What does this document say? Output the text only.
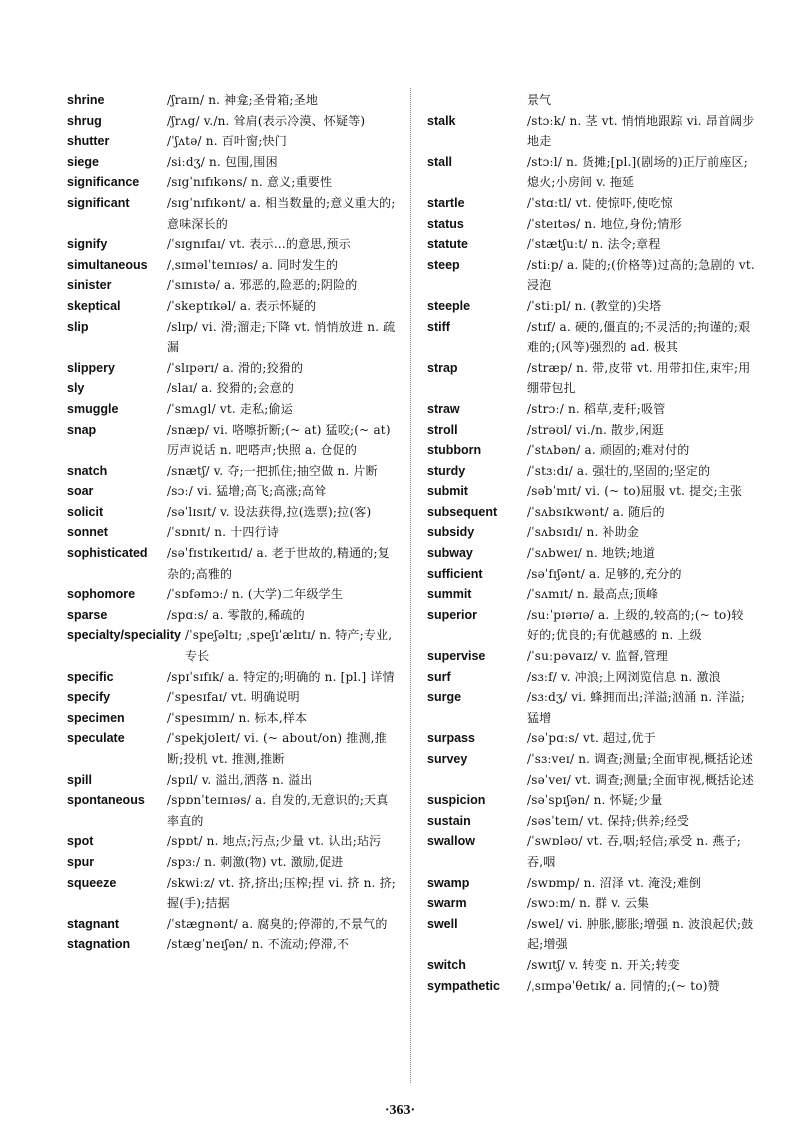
shrine	/ʃraɪn/ n. 神龛;圣骨箱;圣地
shrug	/ʃrʌg/ v./n. 耸肩(表示冷漠、怀疑等)
shutter	/ˈʃʌtə/ n. 百叶窗;快门
siege	/siːdʒ/ n. 包围,围困
significance	/sɪgˈnɪfɪkəns/ n. 意义;重要性
significant	/sɪgˈnɪfɪkənt/ a. 相当数量的;意义重大的;意味深长的
signify	/ˈsɪgnɪfaɪ/ vt. 表示…的意思,预示
simultaneous	/ˌsɪməlˈteɪnɪəs/ a. 同时发生的
sinister	/ˈsɪnɪstə/ a. 邪恶的,险恶的;阴险的
skeptical	/ˈskeptɪkəl/ a. 表示怀疑的
slip	/slɪp/ vi. 滑;溜走;下降 vt. 悄悄放进 n. 疏漏
slippery	/ˈslɪpərɪ/ a. 滑的;狡猾的
sly	/slaɪ/ a. 狡猾的;会意的
smuggle	/ˈsmʌgl/ vt. 走私;偷运
snap	/snæp/ vi. 咯嚓折断;(~ at) 猛咬;(~ at)厉声说话 n. 吧嗒声;快照 a. 仓促的
snatch	/snætʃ/ v. 夺;一把抓住;抽空做 n. 片断
soar	/sɔː/ vi. 猛增;高飞;高涨;高耸
solicit	/səˈlɪsɪt/ v. 设法获得,拉(选票);拉(客)
sonnet	/ˈsɒnɪt/ n. 十四行诗
sophisticated	/səˈfɪstɪkeɪtɪd/ a. 老于世故的,精通的;复杂的;高雅的
sophomore	/ˈsɒfəmɔː/ n. (大学)二年级学生
sparse	/spɑːs/ a. 零散的,稀疏的
specialty/speciality /ˈspeʃəltɪ; ˌspeʃɪˈælɪtɪ/ n. 特产;专业,专长
specific	/spɪˈsɪfɪk/ a. 特定的;明确的 n. [pl.] 详情
specify	/ˈspesɪfaɪ/ vt. 明确说明
specimen	/ˈspesɪmɪn/ n. 标本,样本
speculate	/ˈspekjʊleɪt/ vi. (~ about/on) 推测,推断;投机 vt. 推测,推断
spill	/spɪl/ v. 溢出,洒落 n. 溢出
spontaneous	/spɒnˈteɪnɪəs/ a. 自发的,无意识的;天真率直的
spot	/spɒt/ n. 地点;污点;少量 vt. 认出;玷污
spur	/spɜː/ n. 刺激(物) vt. 激励,促进
squeeze	/skwiːz/ vt. 挤,挤出;压榨;捏 vi. 挤 n. 挤;握(手);拮据
stagnant	/ˈstægnənt/ a. 腐臭的;停滞的,不景气的
stagnation	/stægˈneɪʃən/ n. 不流动;停滞,不
景气
stalk	/stɔːk/ n. 茎 vt. 悄悄地跟踪 vi. 昂首阔步地走
stall	/stɔːl/ n. 货摊;[pl.](剧场的)正厅前座区;熄火;小房间 v. 拖延
startle	/ˈstɑːtl/ vt. 使惊吓,使吃惊
status	/ˈsteɪtəs/ n. 地位,身份;情形
statute	/ˈstætʃuːt/ n. 法令;章程
steep	/stiːp/ a. 陡的;(价格等)过高的;急剧的 vt. 浸泡
steeple	/ˈstiːpl/ n. (教堂的)尖塔
stiff	/stɪf/ a. 硬的,僵直的;不灵活的;拘谨的;艰难的;(风等)强烈的 ad. 极其
strap	/stræp/ n. 带,皮带 vt. 用带扣住,束牢;用绷带包扎
straw	/strɔː/ n. 稻草,麦秆;吸管
stroll	/strəʊl/ vi./n. 散步,闲逛
stubborn	/ˈstʌbən/ a. 顽固的;难对付的
sturdy	/ˈstɜːdɪ/ a. 强壮的,坚固的;坚定的
submit	/səbˈmɪt/ vi. (~ to)屈服 vt. 提交;主张
subsequent	/ˈsʌbsɪkwənt/ a. 随后的
subsidy	/ˈsʌbsɪdɪ/ n. 补助金
subway	/ˈsʌbweɪ/ n. 地铁;地道
sufficient	/səˈfɪʃənt/ a. 足够的,充分的
summit	/ˈsʌmɪt/ n. 最高点;顶峰
superior	/suːˈpɪərɪə/ a. 上级的,较高的;(~ to)较好的;优良的;有优越感的 n. 上级
supervise	/ˈsuːpəvaɪz/ v. 监督,管理
surf	/sɜːf/ v. 冲浪;上网浏览信息 n. 激浪
surge	/sɜːdʒ/ vi. 蜂拥而出;洋溢;汹涌 n. 洋溢;猛增
surpass	/səˈpɑːs/ vt. 超过,优于
survey	/ˈsɜːveɪ/ n. 调查;测量;全面审视,概括论述 /səˈveɪ/ vt. 调查;测量;全面审视,概括论述
suspicion	/səˈspɪʃən/ n. 怀疑;少量
sustain	/səsˈteɪn/ vt. 保持;供养;经受
swallow	/ˈswɒləʊ/ vt. 吞,咽;轻信;承受 n. 燕子;吞,咽
swamp	/swɒmp/ n. 沼泽 vt. 淹没;难倒
swarm	/swɔːm/ n. 群 v. 云集
swell	/swel/ vi. 肿胀,膨胀;增强 n. 波浪起伏;鼓起;增强
switch	/swɪtʃ/ v. 转变 n. 开关;转变
sympathetic	/ˌsɪmpəˈθetɪk/ a. 同情的;(~ to)赞
·363·
